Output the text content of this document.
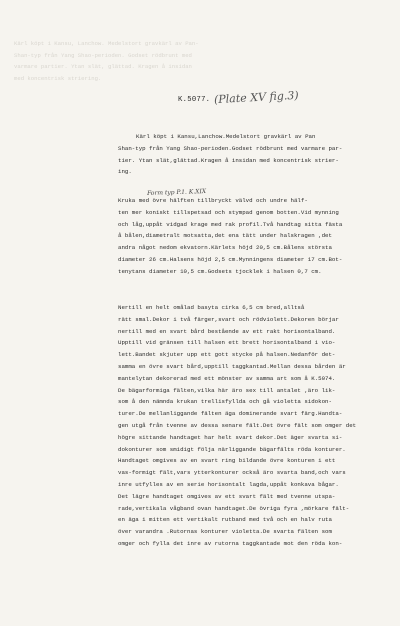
Kärl köpt i Kansu, Lanchow. Medelstort gravkärl av Pan-
Shan-typ från Yang Shao-perioden. Godset rödbrunt med
varmare partier. Ytan slät, glättad. Kragen å insidan
med koncentrisk striering.
K.5077. (Plate XV fig.3)
Kärl köpt i Kansu,Lanchow.Medelstort gravkärl av Pan
Shan-typ från Yang Shao-perioden.Godset rödbrunt med varmare par-
tier. Ytan slät,glättad.Kragen å insidan med koncentrisk strier-
ing.
Form typ P.1. K.XIX
Kruka med övre hälften tillbryckt välvd och undre hälf-
ten mer koniskt tillspetsad och stympad genom botten.Vid mynning
och låg,uppåt vidgad krage med rak profil.Två handtag sitta fästa
å bålen,diametralt motsatta,det ena tätt under halskragen ,det
andra något nedom ekvatorn.Kärlets höjd 20,5 cm.Bålens största
diameter 26 cm.Halsens höjd 2,5 cm.Mynningens diameter 17 cm.Bot-
tenytans diameter 10,5 cm.Godsets tjocklek i halsen 0,7 cm.
Nertill en helt omålad basyta cirka 6,5 cm bred,alltså
rätt smal.Dekor i två färger,svart och rödviolett.Dekoren börjar
nertill med en svart bård bestående av ett rakt horisontalband.
Upptill vid gränsen till halsen ett brett horisontalband i vio-
lett.Bandet skjuter upp ett gott stycke på halsen.Nedanför det-
samma en övre svart bård,upptill taggkantad.Mellan dessa bården är
mantelytan dekorerad med ett mönster av samma art som å K.5074.
De bägarformiga fälten,vilka här äro sex till antalet ,äro lik-
som å den nämnda krukan trellisfyllda och gå violetta sidokon-
turer.De mellanliggande fälten äga dominerande svart färg.Handta-
gen utgå från tvenne av dessa senare fält.Det övre fält som omger det
högre sittande handtaget har helt svart dekor.Det äger svarta si-
dokonturer som smidigt följa närliggande bägarfälts röda konturer.
Handtaget omgives av en svart ring bildande övre konturen i ett
vas-formigt fält,vars ytterkonturer också äro svarta band,och vars
inre utfylles av en serie horisontalt lagda,uppåt konkava bågar.
Det lägre handtaget omgives av ett svart fält med tvenne utspa-
rade,vertikala vågband ovan handtaget.De övriga fyra ,mörkare fält-
en äga i mitten ett vertikalt rutband med två och en halv ruta
över varandra .Rutornas konturer violetta.De svarta fälten som
omger och fylla det inre av rutorna taggkantade mot den röda kon-
